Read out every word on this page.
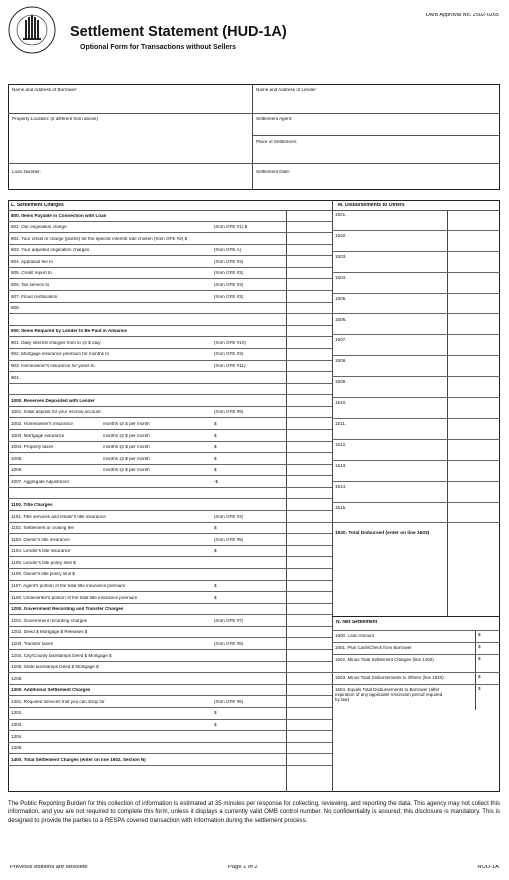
OMB Approval No. 2502-0265
Settlement Statement (HUD-1A)
Optional Form for Transactions without Sellers
Name and Address of Borrower:	Name and Address of Lender:
Property Location: (if different from above)	Settlement Agent:
Place of Settlement:
Loan Number:	Settlement Date:
L. Settlement Charges	M. Disbursements to Others
800. Items Payable in Connection with Loan
801. Our origination charge	(from GFE #1) $
802. Your credit or charge (points) for the specific interest rate chosen (from GFE #2) $
803. Your adjusted origination charges	(from GFE A)
804. Appraisal fee to	(from GFE #3)
805. Credit report to	(from GFE #3)
806. Tax service to	(from GFE #3)
807. Flood certification	(from GFE #3)
808.
900. Items Required by Lender to Be Paid in Advance
901. Daily interest charges from to @ $ /day	(from GFE #10)
902. Mortgage insurance premium for months to	(from GFE #3)
903. Homeowner's insurance for years to	(from GFE #11)
904.
1000. Reserves Deposited with Lender
1001. Initial deposit for your escrow account	(from GFE #9)
1002. Homeowner's insurance	months @ $ per month	$
1003. Mortgage insurance	months @ $ per month	$
1004. Property taxes	months @ $ per month	$
1005.	months @ $ per month	$
1006.	months @ $ per month	$
1007. Aggregate Adjustment	-$
1100. Title Charges
1101. Title services and lender's title insurance	(from GFE #4)
1102. Settlement or closing fee	$
1103. Owner's title insurance	(from GFE #5)
1104. Lender's title insurance	$
1105. Lender's title policy limit $
1106. Owner's title policy limit $
1107. Agent's portion of the total title insurance premium	$
1108. Underwriter's portion of the total title insurance premium	$
1200. Government Recording and Transfer Charges
1201. Government recording charges	(from GFE #7)
1202. Deed $ Mortgage $ Releases $
1203. Transfer taxes	(from GFE #8)
1204. City/County tax/stamps Deed $ Mortgage $
1205. State tax/stamps Deed $ Mortgage $
1206.
1300. Additional Settlement Charges
1301. Required services that you can shop for	(from GFE #6)
1302.	$
1303.	$
1304.
1305.
1400. Total Settlement Charges (enter on line 1602, Section N)
1501.
1502.
1503.
1504.
1505.
1506.
1507.
1508.
1509.
1510.
1511.
1512.
1513.
1514.
1515.
1520. Total Disbursed (enter on line 1603)
N. Net Settlement
1600. Loan Amount	$
1601. Plus Cash/Check from Borrower	$
1602. Minus Total Settlement Charges (line 1400)	$
1603. Minus Total Disbursements to Others (line 1520)	$
1604. Equals Total Disbursements to Borrower (after expiration of any applicable rescission period required by law)
$
The Public Reporting Burden for this collection of information is estimated at 35 minutes per response for collecting, reviewing, and reporting the data. This agency may not collect this information, and you are not required to complete this form, unless it displays a currently valid OMB control number. No confidentiality is assured; this disclosure is mandatory. This is designed to provide the parties to a RESPA covered transaction with information during the settlement process.
Previous editions are obsolete	Page 1 of 2	HUD-1A
